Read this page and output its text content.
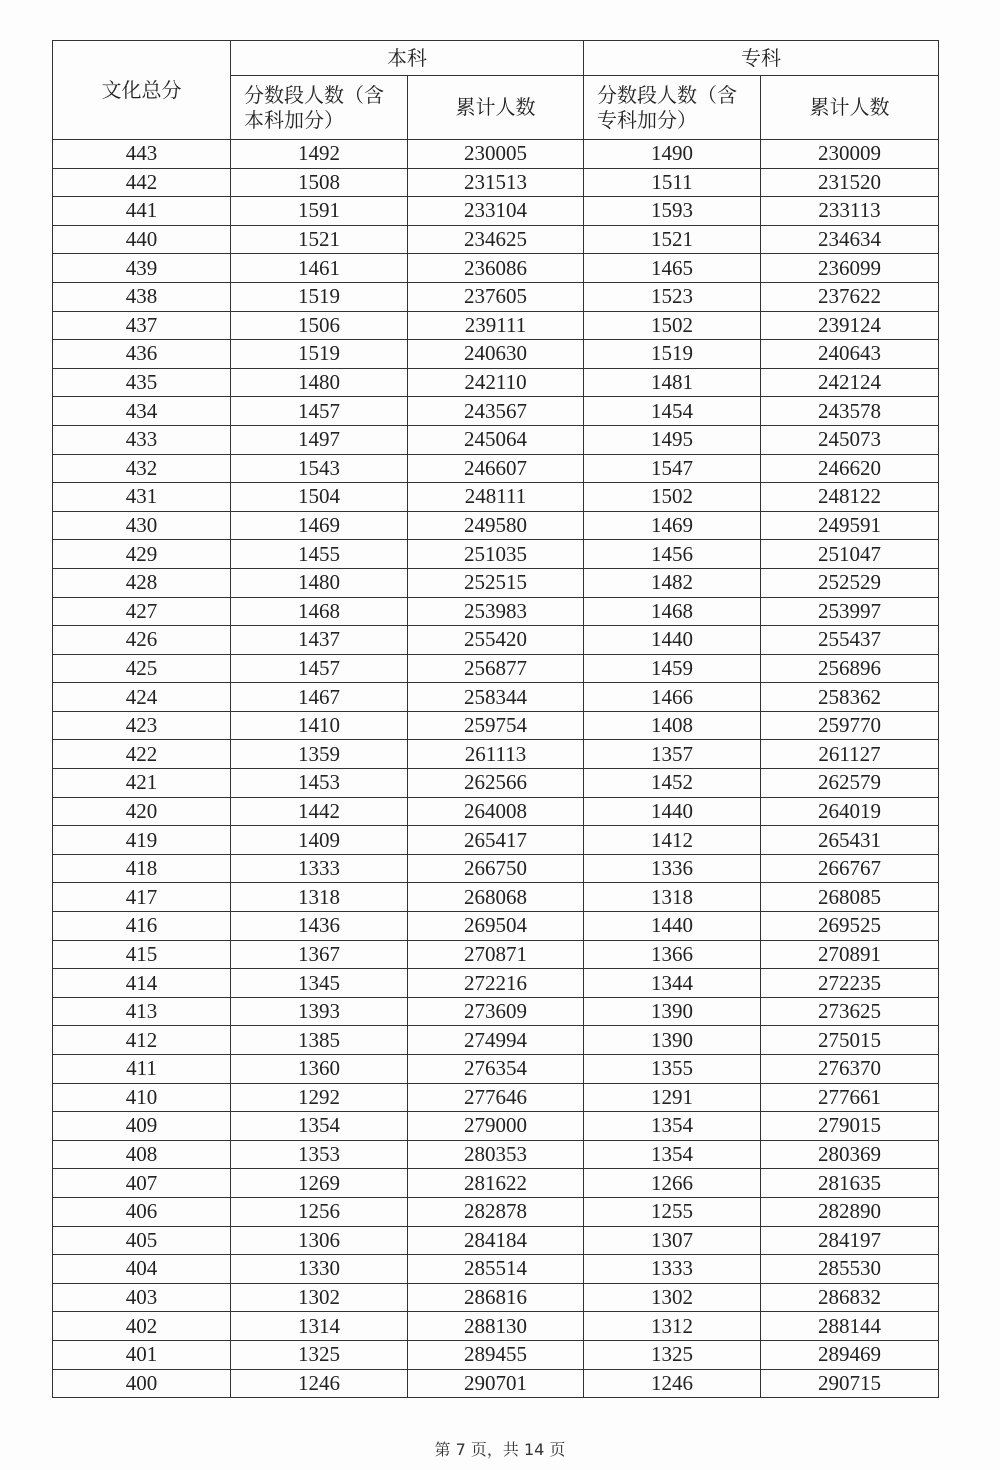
文化总分	本科		专科	
	分数段人数（含本科加分）	累计人数	分数段人数（含专科加分）	累计人数
443	1492	230005	1490	230009
442	1508	231513	1511	231520
441	1591	233104	1593	233113
440	1521	234625	1521	234634
439	1461	236086	1465	236099
438	1519	237605	1523	237622
437	1506	239111	1502	239124
436	1519	240630	1519	240643
435	1480	242110	1481	242124
434	1457	243567	1454	243578
433	1497	245064	1495	245073
432	1543	246607	1547	246620
431	1504	248111	1502	248122
430	1469	249580	1469	249591
429	1455	251035	1456	251047
428	1480	252515	1482	252529
427	1468	253983	1468	253997
426	1437	255420	1440	255437
425	1457	256877	1459	256896
424	1467	258344	1466	258362
423	1410	259754	1408	259770
422	1359	261113	1357	261127
421	1453	262566	1452	262579
420	1442	264008	1440	264019
419	1409	265417	1412	265431
418	1333	266750	1336	266767
417	1318	268068	1318	268085
416	1436	269504	1440	269525
415	1367	270871	1366	270891
414	1345	272216	1344	272235
413	1393	273609	1390	273625
412	1385	274994	1390	275015
411	1360	276354	1355	276370
410	1292	277646	1291	277661
409	1354	279000	1354	279015
408	1353	280353	1354	280369
407	1269	281622	1266	281635
406	1256	282878	1255	282890
405	1306	284184	1307	284197
404	1330	285514	1333	285530
403	1302	286816	1302	286832
402	1314	288130	1312	288144
401	1325	289455	1325	289469
400	1246	290701	1246	290715
第 7 页，共 14 页
